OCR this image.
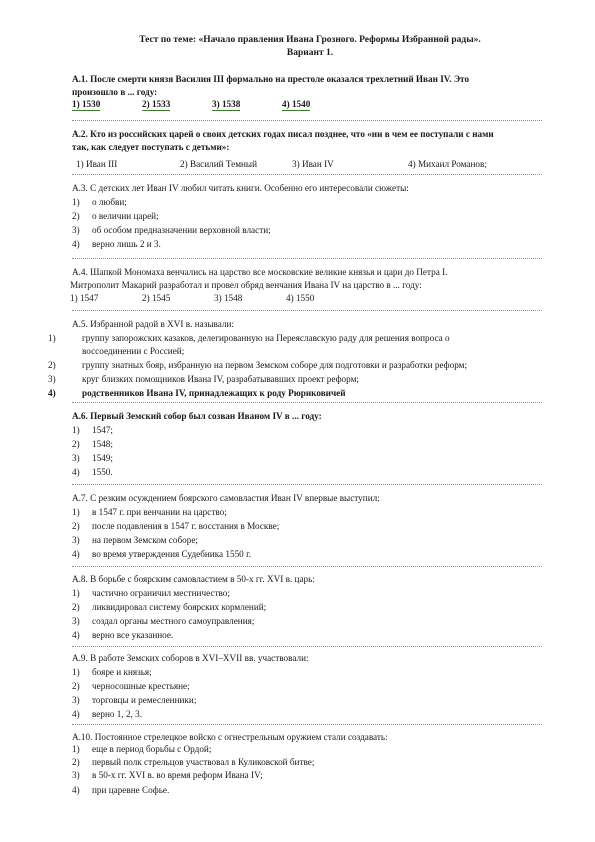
Тест по теме: «Начало правления Ивана Грозного. Реформы Избранной рады».
Вариант 1.
А.1. После смерти князя Василия III формально на престоле оказался трехлетний Иван IV. Это
произошло в ... году:
1) 1530	2) 1533	3) 1538	4) 1540
А.2. Кто из российских царей о своих детских годах писал позднее, что «ни в чем ее поступали с нами
так, как следует поступать с детьми»:
1) Иван III	2) Василий Темный	3) Иван IV	4) Михаил Романов;
А.3. С детских лет Иван IV любил читать книги. Особенно его интересовали сюжеты:
1) о любви;
2) о величии царей;
3) об особом предназначении верховной власти;
4) верно лишь 2 и 3.
А.4. Шапкой Мономаха венчались на царство все московские великие князья и цари до Петра I.
Митрополит Макарий разработал и провел обряд венчания Ивана IV на царство в ... году:
1) 1547	2) 1545	3) 1548	4) 1550
А.5. Избранной радой в XVI в. называли:
1)	группу запорожских казаков, делегированную на Переяславскую раду для решения вопроса о
воссоединении с Россией;
2)	группу знатных бояр, избранную на первом Земском соборе для подготовки и разработки реформ;
3)	круг близких помощников Ивана IV, разрабатывавших проект реформ;
4)	родственников Ивана IV, принадлежащих к роду Рюриковичей
А.6. Первый Земский собор был созван Иваном IV в ... году:
1) 1547;
2) 1548;
3) 1549;
4) 1550.
А.7. С резким осуждением боярского самовластия Иван IV впервые выступил:
1) в 1547 г. при венчании на царство;
2) после подавления в 1547 г. восстания в Москве;
3) на первом Земском соборе;
4) во время утверждения Судебника 1550 г.
А.8. В борьбе с боярским самовластием в 50-х гг. XVI в. царь:
1) частично ограничил местничество;
2) ликвидировал систему боярских кормлений;
3) создал органы местного самоуправления;
4) верно все указанное.
А.9. В работе Земских соборов в XVI–XVII вв. участвовали:
1) бояре и князья;
2) черносошные крестьяне;
3) торговцы и ремесленники;
4) верно 1, 2, 3.
А.10. Постоянное стрелецкое войско с огнестрельным оружием стали создавать:
1) еще в период борьбы с Ордой;
2) первый полк стрельцов участвовал в Куликовской битве;
3) в 50-х гг. XVI в. во время реформ Ивана IV;
4) при царевне Софье.
